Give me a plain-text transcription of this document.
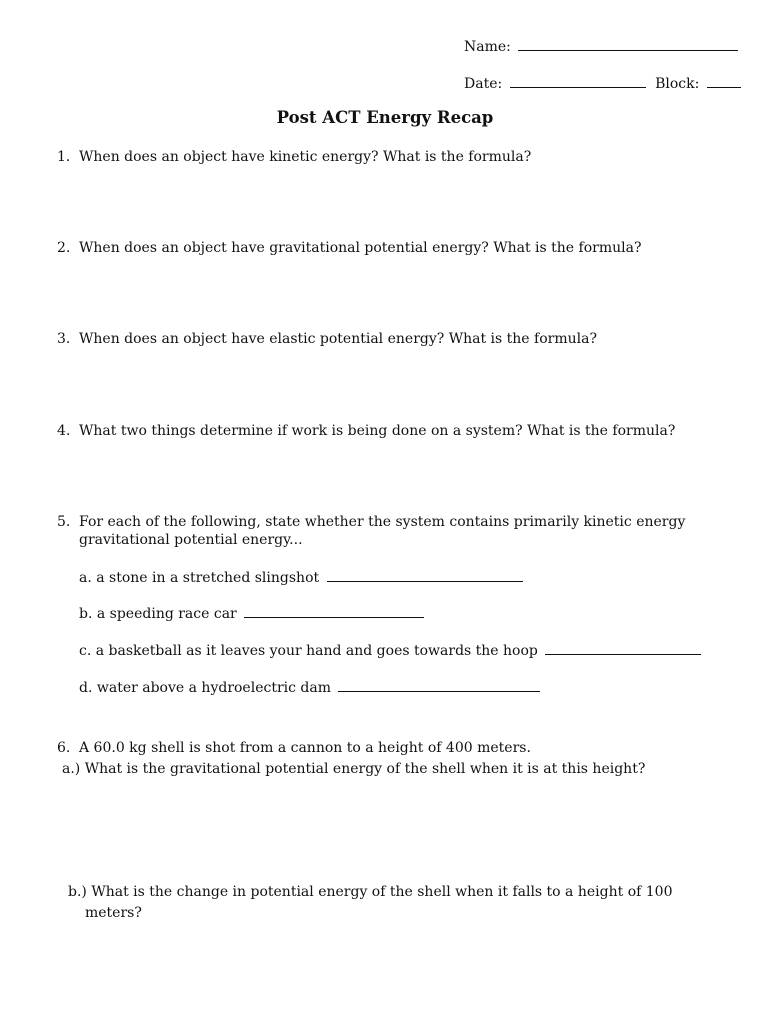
Name:
Date:	Block:
Post ACT Energy Recap
1. When does an object have kinetic energy? What is the formula?
2. When does an object have gravitational potential energy? What is the formula?
3. When does an object have elastic potential energy? What is the formula?
4. What two things determine if work is being done on a system? What is the formula?
5. For each of the following, state whether the system contains primarily kinetic energy
gravitational potential energy...
a. a stone in a stretched slingshot
b. a speeding race car
c. a basketball as it leaves your hand and goes towards the hoop
d. water above a hydroelectric dam
6. A 60.0 kg shell is shot from a cannon to a height of 400 meters.
a.) What is the gravitational potential energy of the shell when it is at this height?
b.) What is the change in potential energy of the shell when it falls to a height of 100
meters?
